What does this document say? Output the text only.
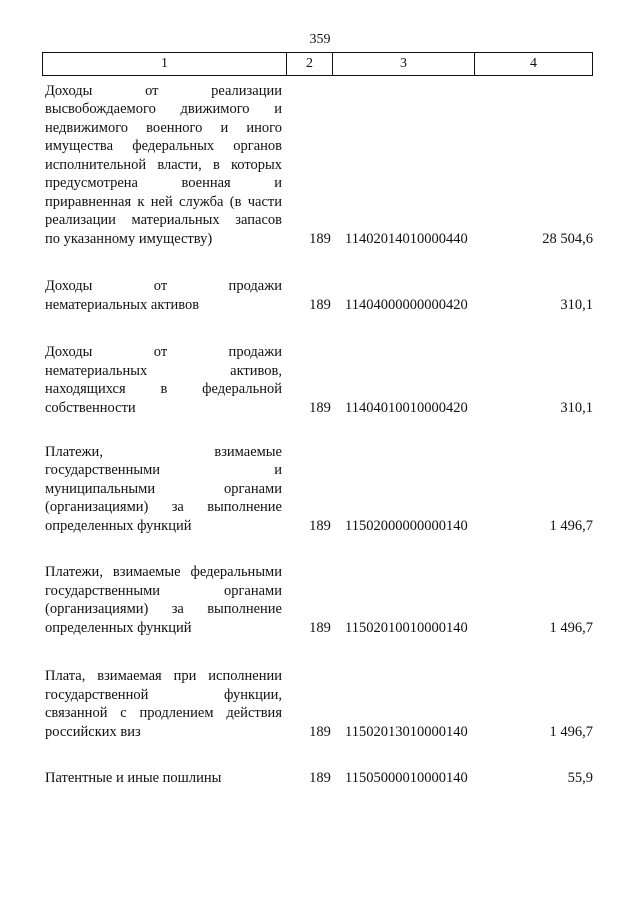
359
1	2	3	4
Доходы от реализации
высвобождаемого движимого и
недвижимого военного и иного
имущества федеральных органов
исполнительной власти, в которых
предусмотрена военная и
приравненная к ней служба (в части
реализации материальных запасов
по указанному имуществу)	189 11402014010000440	28 504,6
Доходы от продажи
нематериальных активов	189 11404000000000420	310,1
Доходы от продажи
нематериальных активов,
находящихся в федеральной
собственности	189 11404010010000420	310,1
Платежи, взимаемые
государственными и
муниципальными органами
(организациями) за выполнение
определенных функций	189 11502000000000140	1 496,7
Платежи, взимаемые федеральными
государственными органами
(организациями) за выполнение
определенных функций	189 11502010010000140	1 496,7
Плата, взимаемая при исполнении
государственной функции,
связанной с продлением действия
российских виз	189 11502013010000140	1 496,7
Патентные и иные пошлины	189 11505000010000140	55,9
